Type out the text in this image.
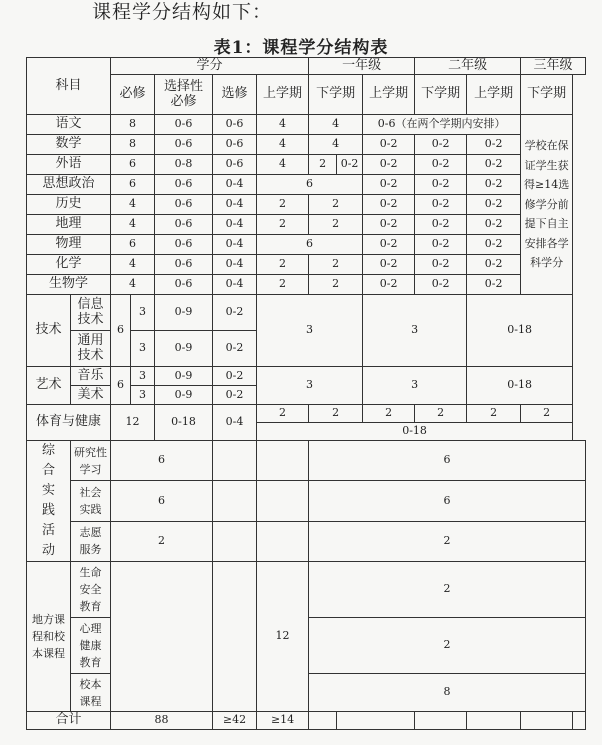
课程学分结构如下：
表1：课程学分结构表
科目		学分					一年级			二年级		三年级	
		必修		选择性必修	选修	上学期	下学期		上学期	下学期	上学期	下学期	
语文		8		0-6	0-6	4	4		0-6（在两个学期内安排）			学校在保证学生获得≥14选修学分前提下自主安排各学科学分	
数学		8		0-6	0-6	4	4		0-2	0-2	0-2		
外语		6		0-8	0-6	4	2	0-2	0-2	0-2	0-2		
思想政治		6		0-6	0-4	6			0-2	0-2	0-2		
历史		4		0-6	0-4	2	2		0-2	0-2	0-2		
地理		4		0-6	0-4	2	2		0-2	0-2	0-2		
物理		6		0-6	0-4	6			0-2	0-2	0-2		
化学		4		0-6	0-4	2	2		0-2	0-2	0-2		
生物学		4		0-6	0-4	2	2		0-2	0-2	0-2		
技术	信息技术	6	3	0-9	0-2	3			3		0-18		
	通用技术		3	0-9	0-2								
艺术	音乐	6	3	0-9	0-2	3			3		0-18		
	美术		3	0-9	0-2								
体育与健康		12		0-18	0-4	2	2		2	2	2	2	
						0-18							
综合实践活动	研究性学习	6					6						
	社会实践	6					6						
	志愿服务	2					2						
地方课程和校本课程	生命安全教育					12	2						
	心理健康教育						2						
	校本课程						8						
合计		88			≥42	≥14							
